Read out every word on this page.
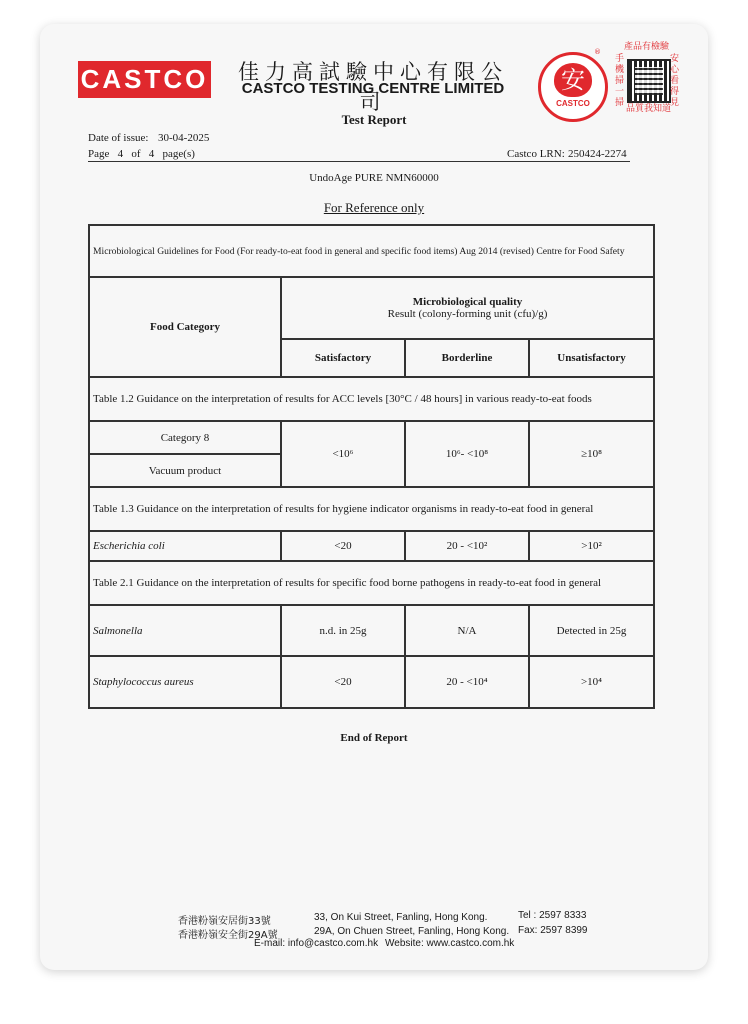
CASTCO 佳力高試驗中心有限公司
CASTCO TESTING CENTRE LIMITED 安
CASTCO
®	產品有檢驗
手機掃一掃
安心看得見
品質我知道
Test Report
Date of issue: 30-04-2025
Page   4   of   4   page(s)	Castco LRN: 250424-2274
UndoAge PURE NMN60000
For Reference only
Microbiological Guidelines for Food (For ready-to-eat food in general and specific food items) Aug 2014 (revised) Centre for Food Safety
Food Category
Microbiological quality
Result (colony-forming unit (cfu)/g)
Satisfactory	Borderline	Unsatisfactory
Table 1.2 Guidance on the interpretation of results for ACC levels [30°C / 48 hours] in various ready-to-eat foods
Category 8
Vacuum product
<10⁶	10⁶- <10⁸	≥10⁸
Table 1.3 Guidance on the interpretation of results for hygiene indicator organisms in ready-to-eat food in general
Escherichia coli	<20	20 - <10²	>10²
Table 2.1 Guidance on the interpretation of results for specific food borne pathogens in ready-to-eat food in general
Salmonella	n.d. in 25g	N/A	Detected in 25g
Staphylococcus aureus	<20	20 - <10⁴	>10⁴
End of Report
香港粉嶺安居街33號	33, On Kui Street, Fanling, Hong Kong.	Tel : 2597 8333
香港粉嶺安全街29A號	29A, On Chuen Street, Fanling, Hong Kong. Fax: 2597 8399
E-mail: info@castco.com.hk Website: www.castco.com.hk
